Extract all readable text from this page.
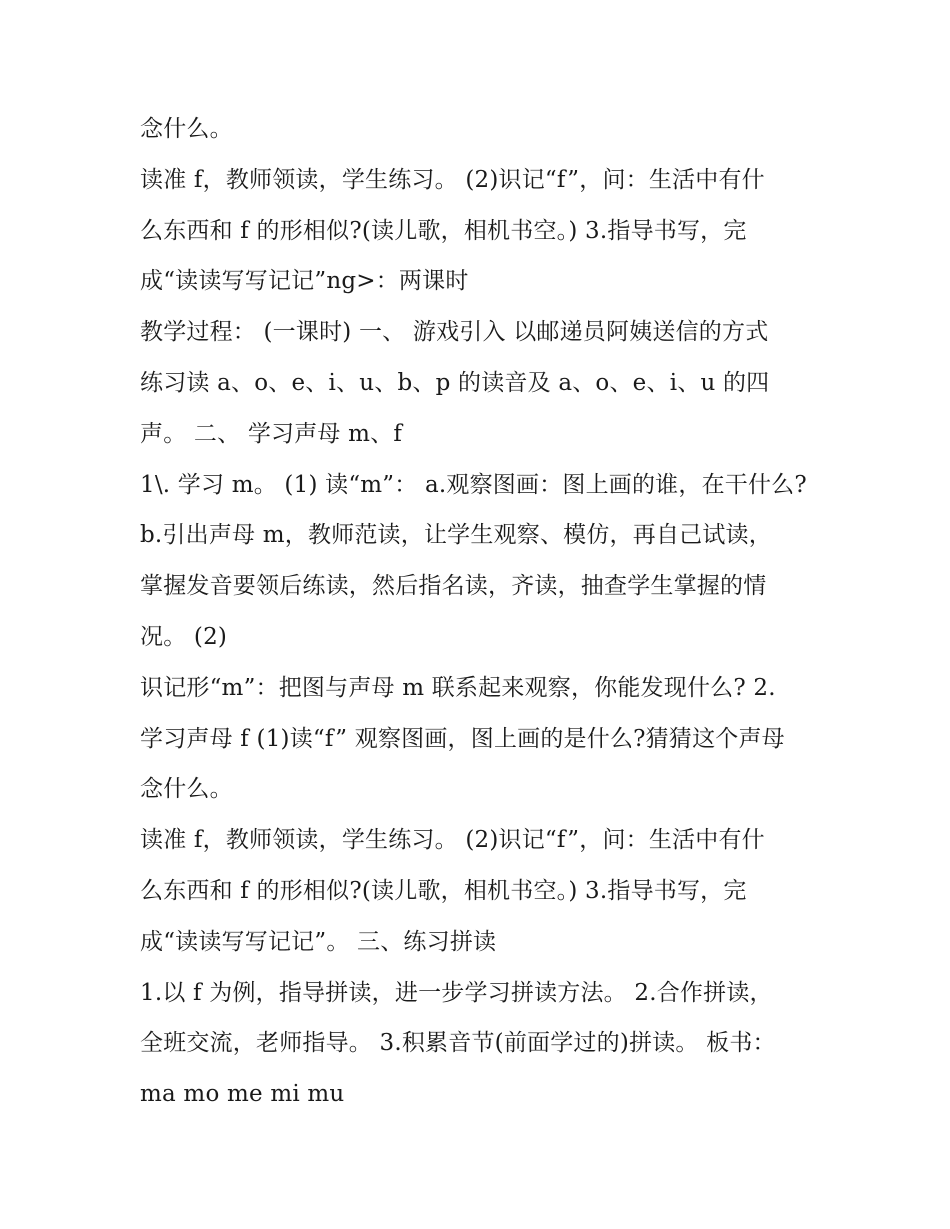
念什么。
读准 f，教师领读，学生练习。 (2)识记“f”，问：生活中有什
么东西和 f 的形相似?(读儿歌，相机书空。) 3.指导书写，完
成“读读写写记记”ng>：两课时
教学过程： (一课时) 一、 游戏引入 以邮递员阿姨送信的方式
练习读 a、o、e、i、u、b、p 的读音及 a、o、e、i、u 的四
声。 二、 学习声母 m、f
1\. 学习 m。 (1) 读“m”： a.观察图画：图上画的谁，在干什么?
b.引出声母 m，教师范读，让学生观察、模仿，再自己试读，
掌握发音要领后练读，然后指名读，齐读，抽查学生掌握的情
况。 (2)
识记形“m”：把图与声母 m 联系起来观察，你能发现什么? 2.
学习声母 f (1)读“f” 观察图画，图上画的是什么?猜猜这个声母
念什么。
读准 f，教师领读，学生练习。 (2)识记“f”，问：生活中有什
么东西和 f 的形相似?(读儿歌，相机书空。) 3.指导书写，完
成“读读写写记记”。 三、练习拼读
1.以 f 为例，指导拼读，进一步学习拼读方法。 2.合作拼读，
全班交流，老师指导。 3.积累音节(前面学过的)拼读。 板书：
ma mo me mi mu
